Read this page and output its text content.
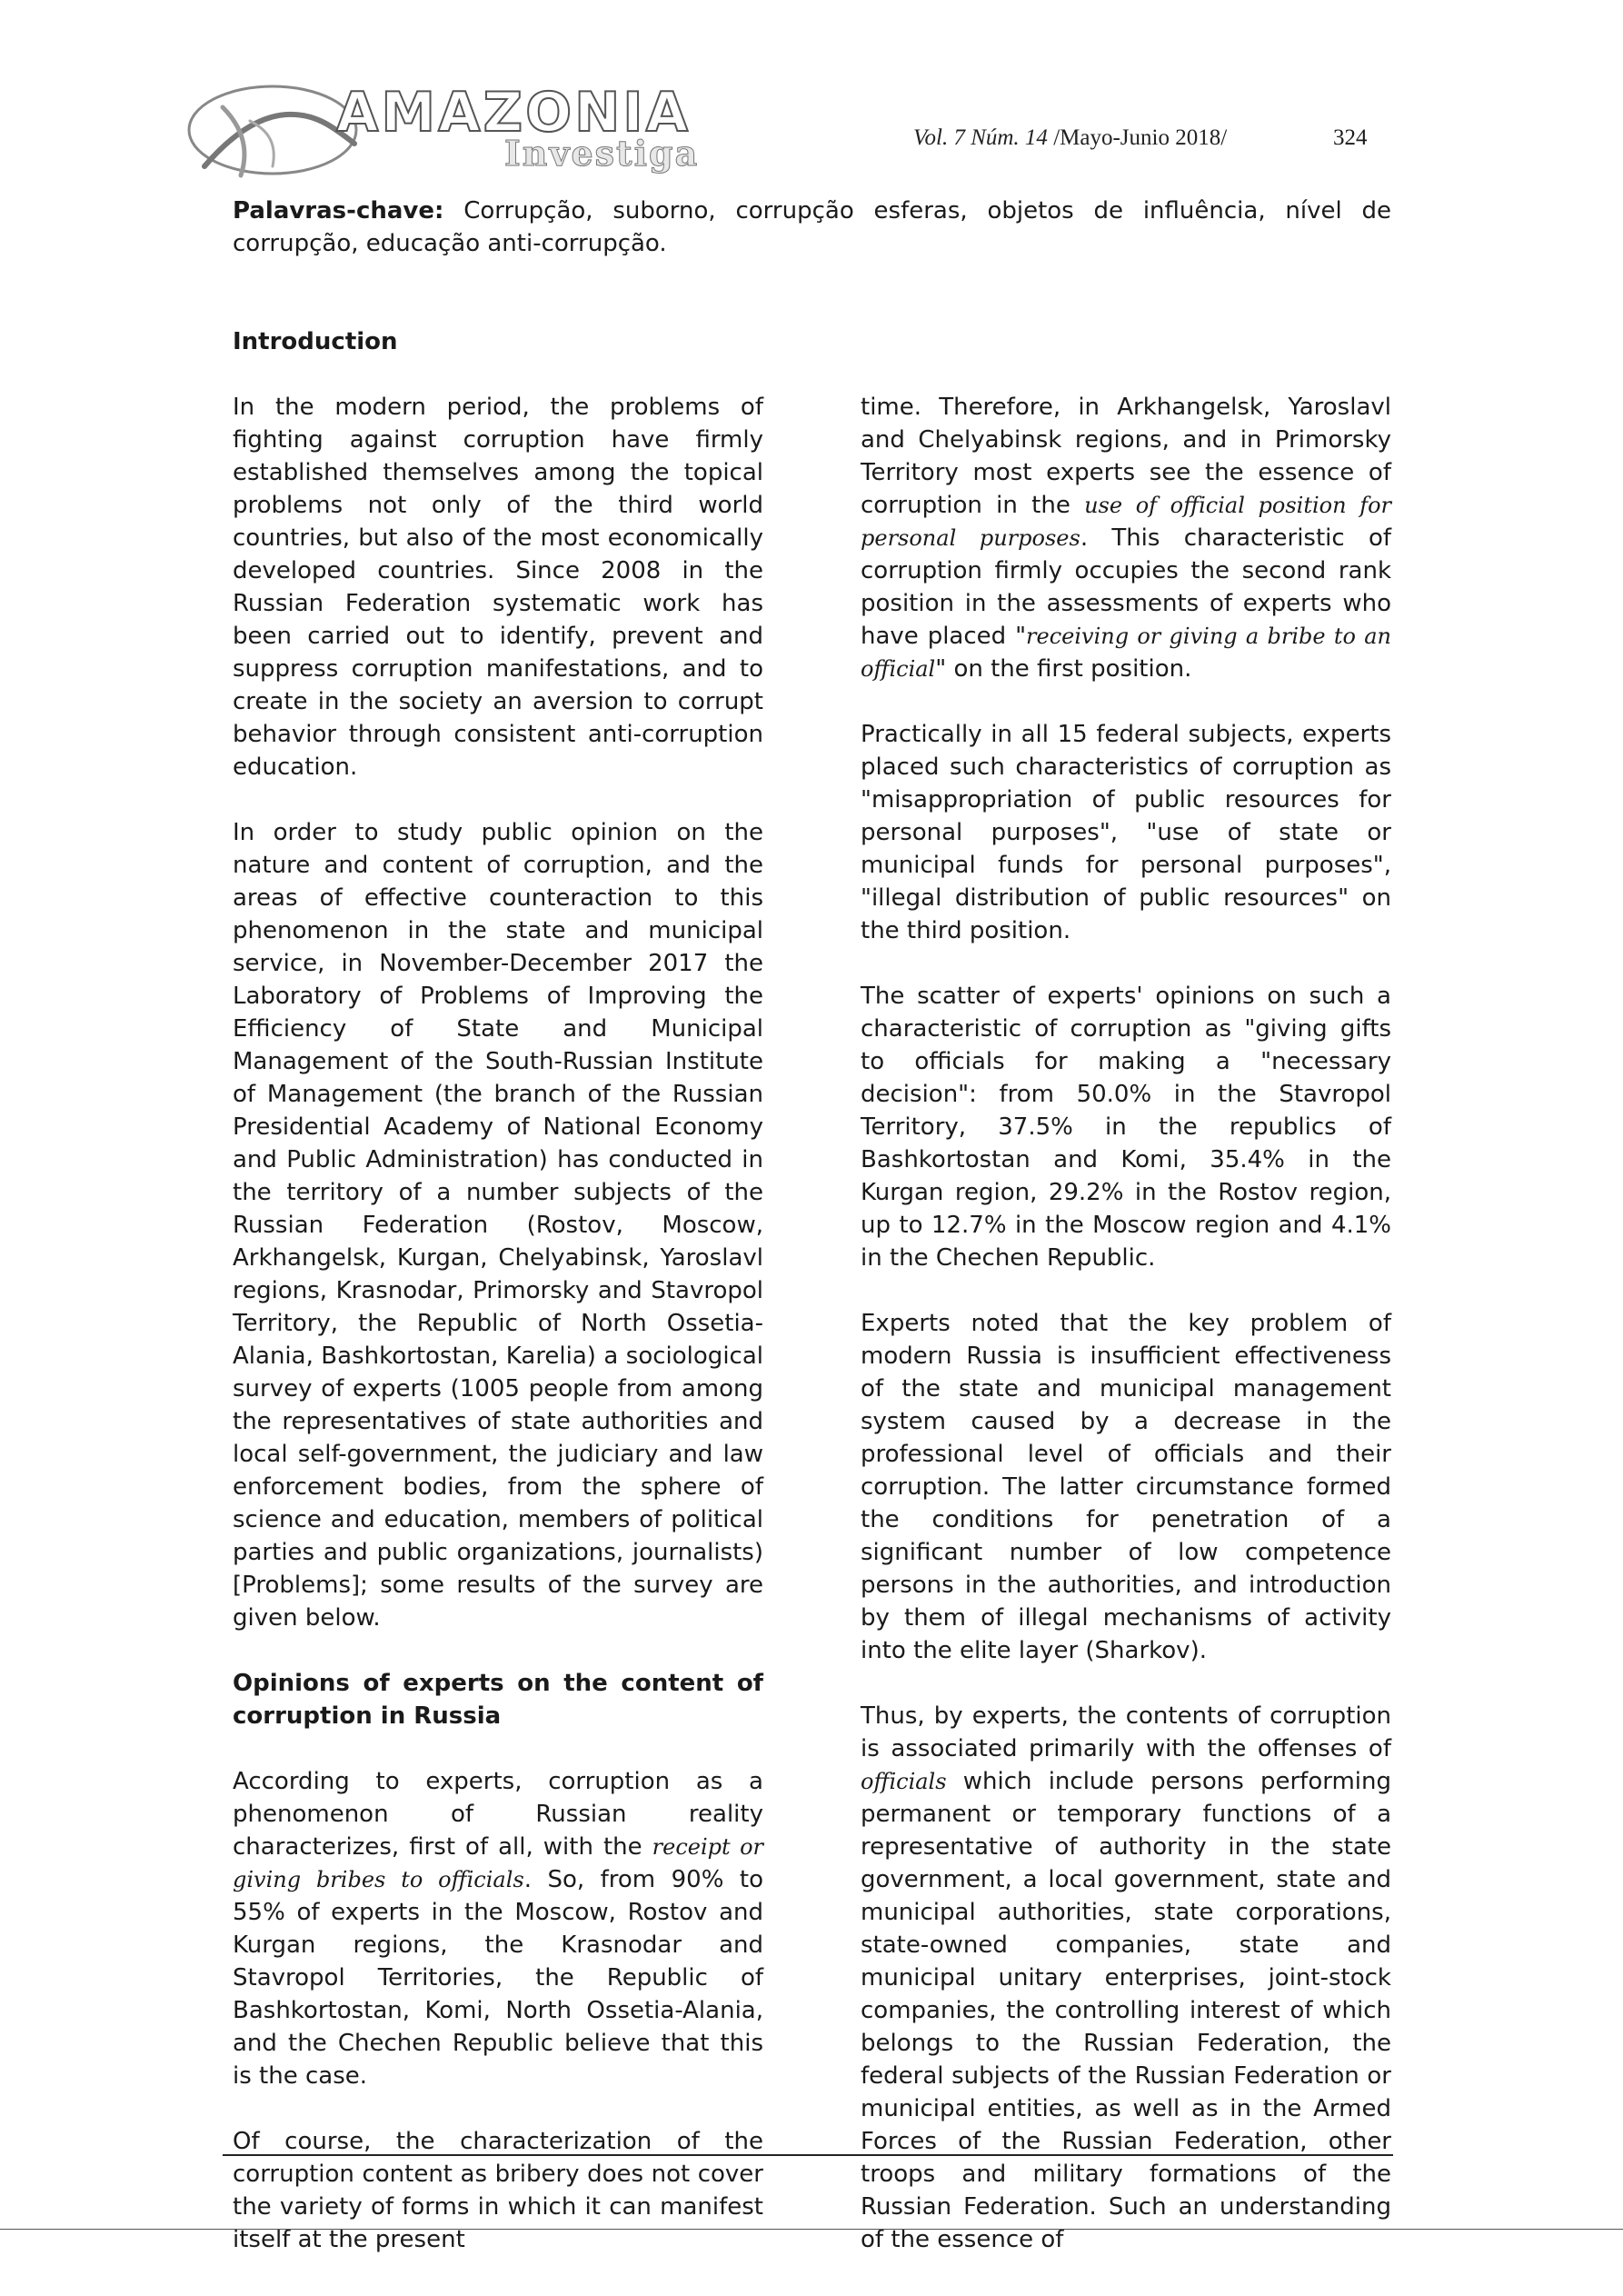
AMAZONIA
Investiga	Vol. 7 Núm. 14 /Mayo-Junio 2018/	324
Palavras-chave: Corrupção, suborno, corrupção esferas, objetos de influência, nível de corrupção, educação anti-corrupção.
Introduction

In the modern period, the problems of fighting against corruption have firmly established themselves among the topical problems not only of the third world countries, but also of the most economically developed countries. Since 2008 in the Russian Federation systematic work has been carried out to identify, prevent and suppress corruption manifestations, and to create in the society an aversion to corrupt behavior through consistent anti-corruption education.

In order to study public opinion on the nature and content of corruption, and the areas of effective counteraction to this phenomenon in the state and municipal service, in November-December 2017 the Laboratory of Problems of Improving the Efficiency of State and Municipal Management of the South-Russian Institute of Management (the branch of the Russian Presidential Academy of National Economy and Public Administration) has conducted in the territory of a number subjects of the Russian Federation (Rostov, Moscow, Arkhangelsk, Kurgan, Chelyabinsk, Yaroslavl regions, Krasnodar, Primorsky and Stavropol Territory, the Republic of North Ossetia-Alania, Bashkortostan, Karelia) a sociological survey of experts (1005 people from among the representatives of state authorities and local self-government, the judiciary and law enforcement bodies, from the sphere of science and education, members of political parties and public organizations, journalists) [Problems]; some results of the survey are given below.

Opinions of experts on the content of corruption in Russia

According to experts, corruption as a phenomenon of Russian reality characterizes, first of all, with the receipt or giving bribes to officials. So, from 90% to 55% of experts in the Moscow, Rostov and Kurgan regions, the Krasnodar and Stavropol Territories, the Republic of Bashkortostan, Komi, North Ossetia-Alania, and the Chechen Republic believe that this is the case.

Of course, the characterization of the corruption content as bribery does not cover the variety of forms in which it can manifest itself at the present

time. Therefore, in Arkhangelsk, Yaroslavl and Chelyabinsk regions, and in Primorsky Territory most experts see the essence of corruption in the use of official position for personal purposes. This characteristic of corruption firmly occupies the second rank position in the assessments of experts who have placed "receiving or giving a bribe to an official" on the first position.

Practically in all 15 federal subjects, experts placed such characteristics of corruption as "misappropriation of public resources for personal purposes", "use of state or municipal funds for personal purposes", "illegal distribution of public resources" on the third position.

The scatter of experts' opinions on such a characteristic of corruption as "giving gifts to officials for making a "necessary decision": from 50.0% in the Stavropol Territory, 37.5% in the republics of Bashkortostan and Komi, 35.4% in the Kurgan region, 29.2% in the Rostov region, up to 12.7% in the Moscow region and 4.1% in the Chechen Republic.

Experts noted that the key problem of modern Russia is insufficient effectiveness of the state and municipal management system caused by a decrease in the professional level of officials and their corruption. The latter circumstance formed the conditions for penetration of a significant number of low competence persons in the authorities, and introduction by them of illegal mechanisms of activity into the elite layer (Sharkov).

Thus, by experts, the contents of corruption is associated primarily with the offenses of officials which include persons performing permanent or temporary functions of a representative of authority in the state government, a local government, state and municipal authorities, state corporations, state-owned companies, state and municipal unitary enterprises, joint-stock companies, the controlling interest of which belongs to the Russian Federation, the federal subjects of the Russian Federation or municipal entities, as well as in the Armed Forces of the Russian Federation, other troops and military formations of the Russian Federation. Such an understanding of the essence of
